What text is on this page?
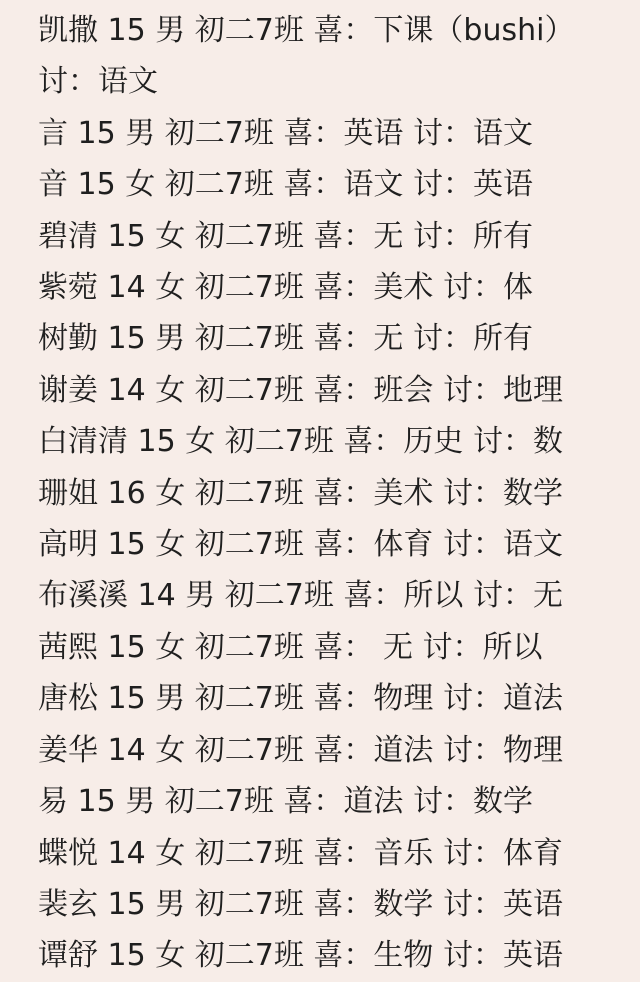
凯撒 15 男 初二7班 喜：下课（bushi）
讨：语文
言 15 男 初二7班 喜：英语 讨：语文
音 15 女 初二7班 喜：语文 讨：英语
碧清 15 女 初二7班 喜：无 讨：所有
紫菀 14 女 初二7班 喜：美术 讨：体
树勤 15 男 初二7班 喜：无 讨：所有
谢姜 14 女 初二7班 喜：班会 讨：地理
白清清 15 女 初二7班 喜：历史 讨：数
珊姐 16 女 初二7班 喜：美术 讨：数学
高明 15 女 初二7班 喜：体育 讨：语文
布溪溪 14 男 初二7班 喜：所以 讨：无
茜熙 15 女 初二7班 喜： 无 讨：所以
唐松 15 男 初二7班 喜：物理 讨：道法
姜华 14 女 初二7班 喜：道法 讨：物理
易 15 男 初二7班 喜：道法 讨：数学
蝶悦 14 女 初二7班 喜：音乐 讨：体育
裴玄 15 男 初二7班 喜：数学 讨：英语
谭舒 15 女 初二7班 喜：生物 讨：英语
